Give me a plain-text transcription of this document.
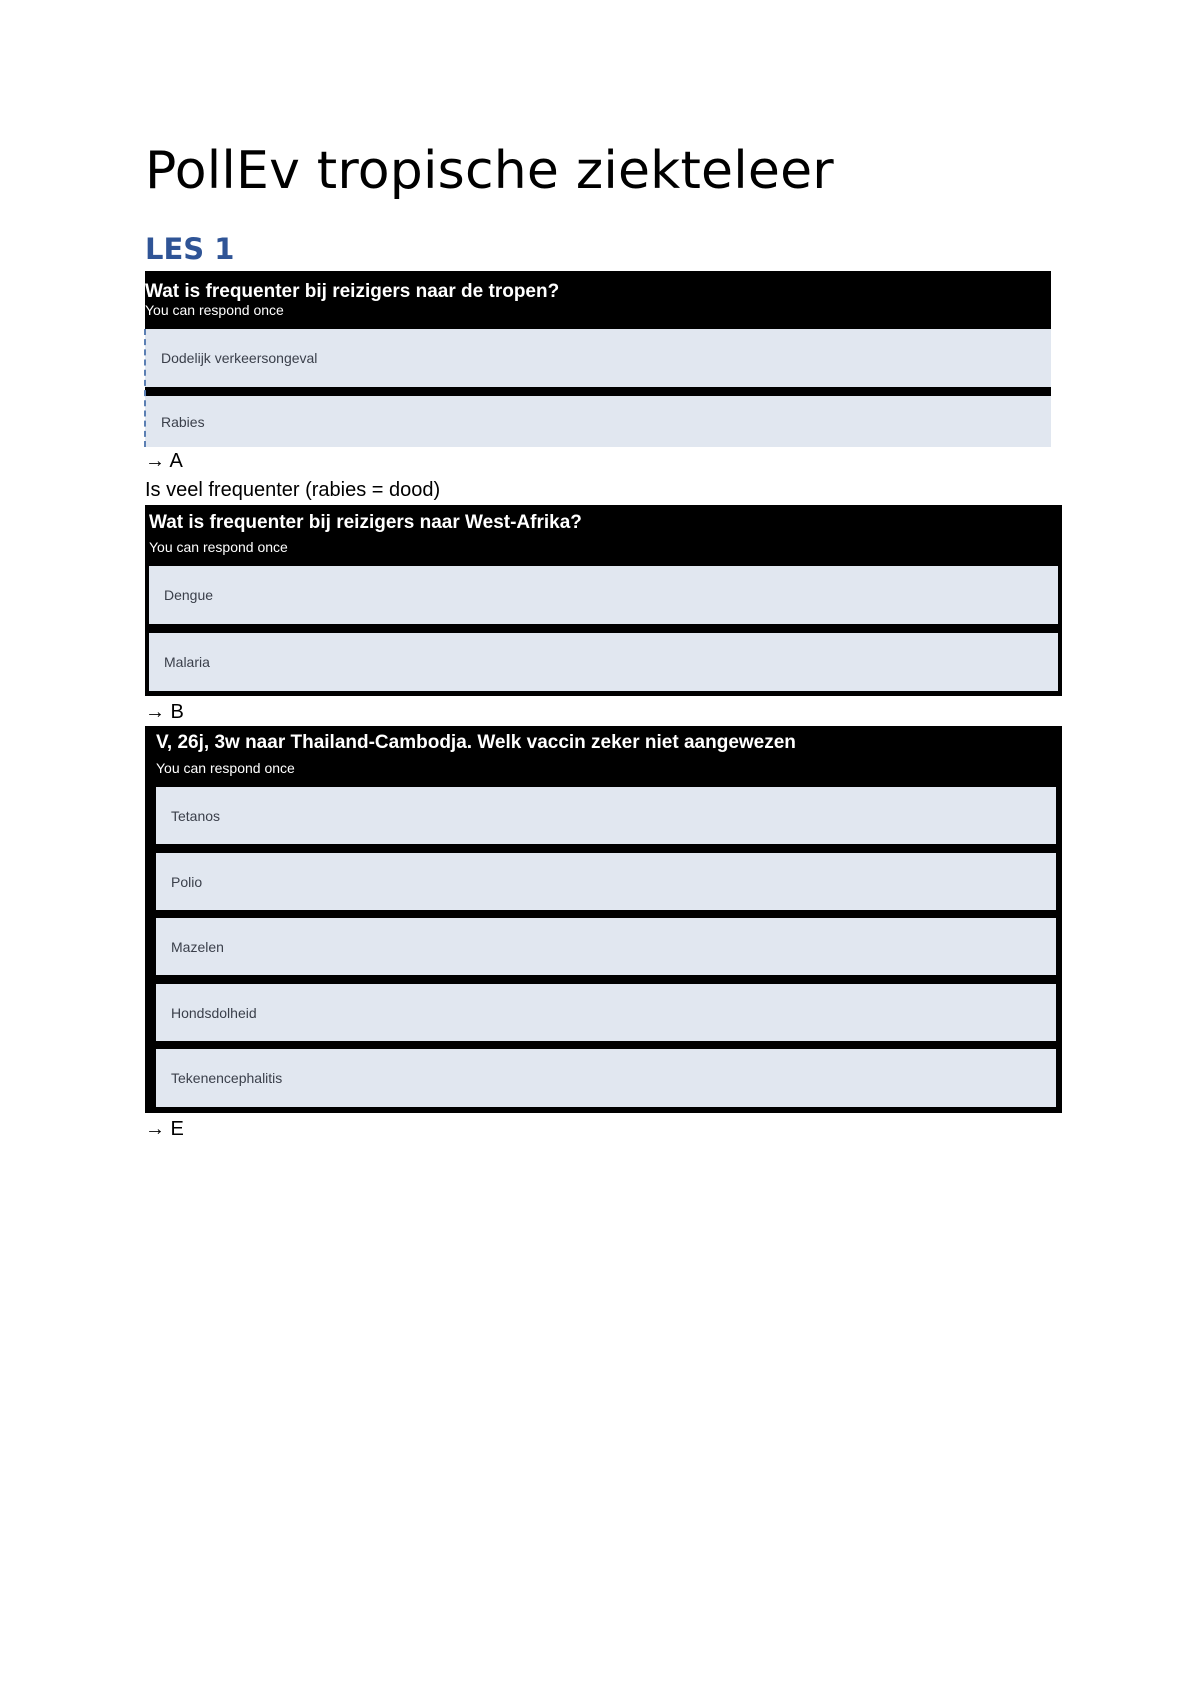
PollEv tropische ziekteleer
LES 1
Wat is frequenter bij reizigers naar de tropen?
You can respond once
Dodelijk verkeersongeval
Rabies
→ A
Is veel frequenter (rabies = dood)
Wat is frequenter bij reizigers naar West-Afrika?
You can respond once
Dengue
Malaria
→ B
V, 26j, 3w naar Thailand-Cambodja. Welk vaccin zeker niet aangewezen
You can respond once
Tetanos
Polio
Mazelen
Hondsdolheid
Tekenencephalitis
→ E
